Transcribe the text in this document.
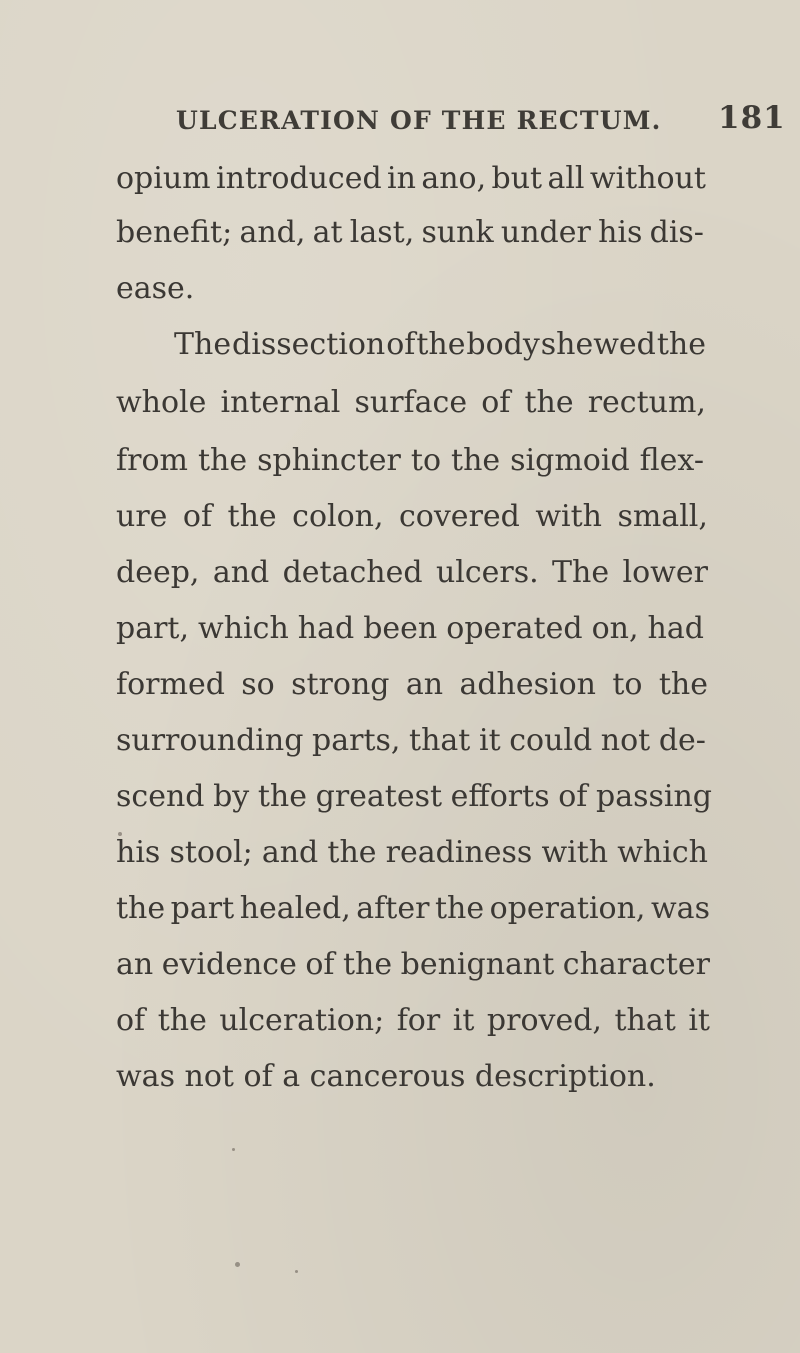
ULCERATION OF THE RECTUM. 181
opium introduced in ano, but all without
benefit; and, at last, sunk under his dis-
ease.
The dissection of the body shewed the
whole internal surface of the rectum,
from the sphincter to the sigmoid flex-
ure of the colon, covered with small,
deep, and detached ulcers. The lower
part, which had been operated on, had
formed so strong an adhesion to the
surrounding parts, that it could not de-
scend by the greatest efforts of passing
his stool; and the readiness with which
the part healed, after the operation, was
an evidence of the benignant character
of the ulceration; for it proved, that it
was not of a cancerous description.
